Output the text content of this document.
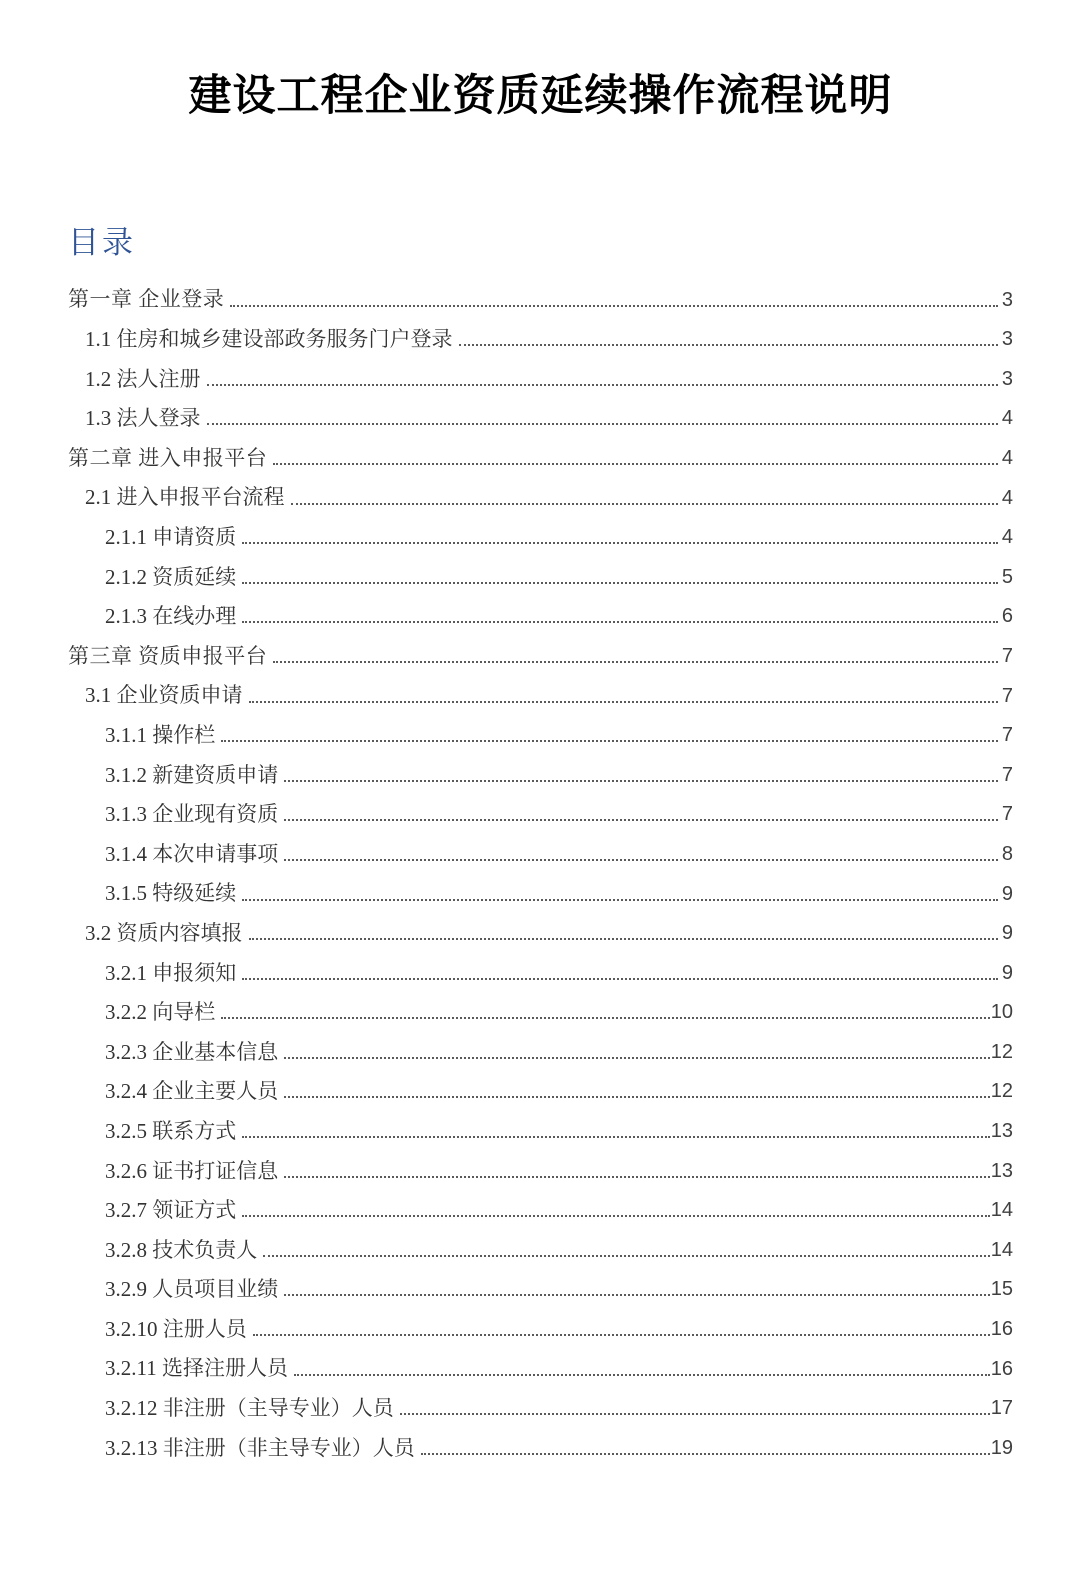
建设工程企业资质延续操作流程说明
目录
第一章 企业登录	3
1.1 住房和城乡建设部政务服务门户登录	3
1.2 法人注册	3
1.3 法人登录	4
第二章 进入申报平台	4
2.1 进入申报平台流程	4
2.1.1 申请资质	4
2.1.2 资质延续	5
2.1.3 在线办理	6
第三章 资质申报平台	7
3.1 企业资质申请	7
3.1.1 操作栏	7
3.1.2 新建资质申请	7
3.1.3 企业现有资质	7
3.1.4 本次申请事项	8
3.1.5 特级延续	9
3.2 资质内容填报	9
3.2.1 申报须知	9
3.2.2 向导栏	10
3.2.3 企业基本信息	12
3.2.4 企业主要人员	12
3.2.5 联系方式	13
3.2.6 证书打证信息	13
3.2.7 领证方式	14
3.2.8 技术负责人	14
3.2.9 人员项目业绩	15
3.2.10 注册人员	16
3.2.11 选择注册人员	16
3.2.12 非注册（主导专业）人员	17
3.2.13 非注册（非主导专业）人员	19
